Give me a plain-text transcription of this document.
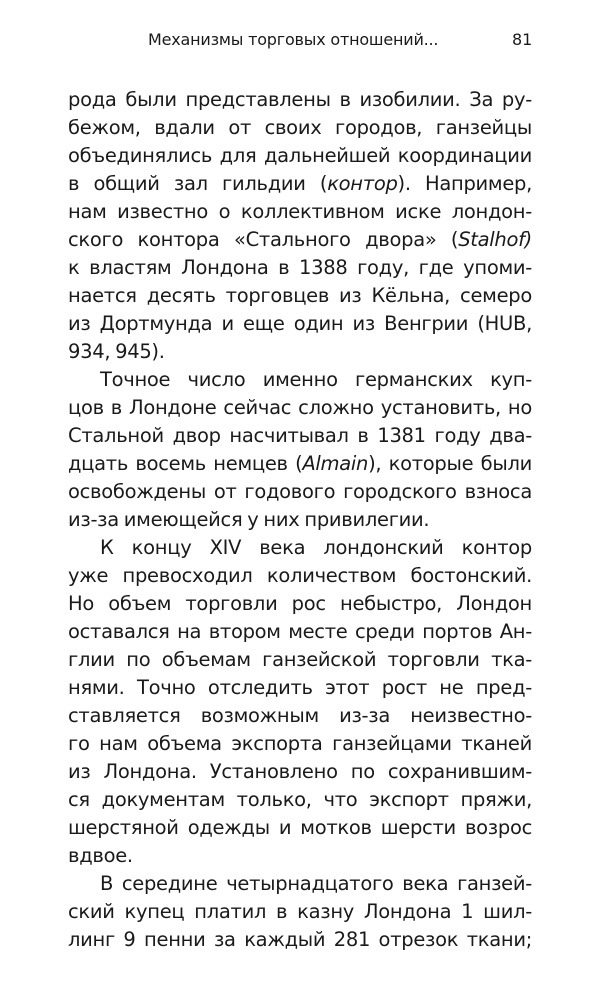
Механизмы торговых отношений...	81
рода были представлены в изобилии. За ру-
бежом, вдали от своих городов, ганзейцы
объединялись для дальнейшей координации
в общий зал гильдии (контор). Например,
нам известно о коллективном иске лондон-
ского контора «Стального двора» (Stalhof)
к властям Лондона в 1388 году, где упоми-
нается десять торговцев из Кёльна, семеро
из Дортмунда и еще один из Венгрии (HUB,
934, 945).
Точное число именно германских куп-
цов в Лондоне сейчас сложно установить, но
Стальной двор насчитывал в 1381 году два-
дцать восемь немцев (Almain), которые были
освобождены от годового городского взноса
из-за имеющейся у них привилегии.
К концу XIV века лондонский контор
уже превосходил количеством бостонский.
Но объем торговли рос небыстро, Лондон
оставался на втором месте среди портов Ан-
глии по объемам ганзейской торговли тка-
нями. Точно отследить этот рост не пред-
ставляется возможным из-за неизвестно-
го нам объема экспорта ганзейцами тканей
из Лондона. Установлено по сохранившим-
ся документам только, что экспорт пряжи,
шерстяной одежды и мотков шерсти возрос
вдвое.
В середине четырнадцатого века ганзей-
ский купец платил в казну Лондона 1 шил-
линг 9 пенни за каждый 281 отрезок ткани;
